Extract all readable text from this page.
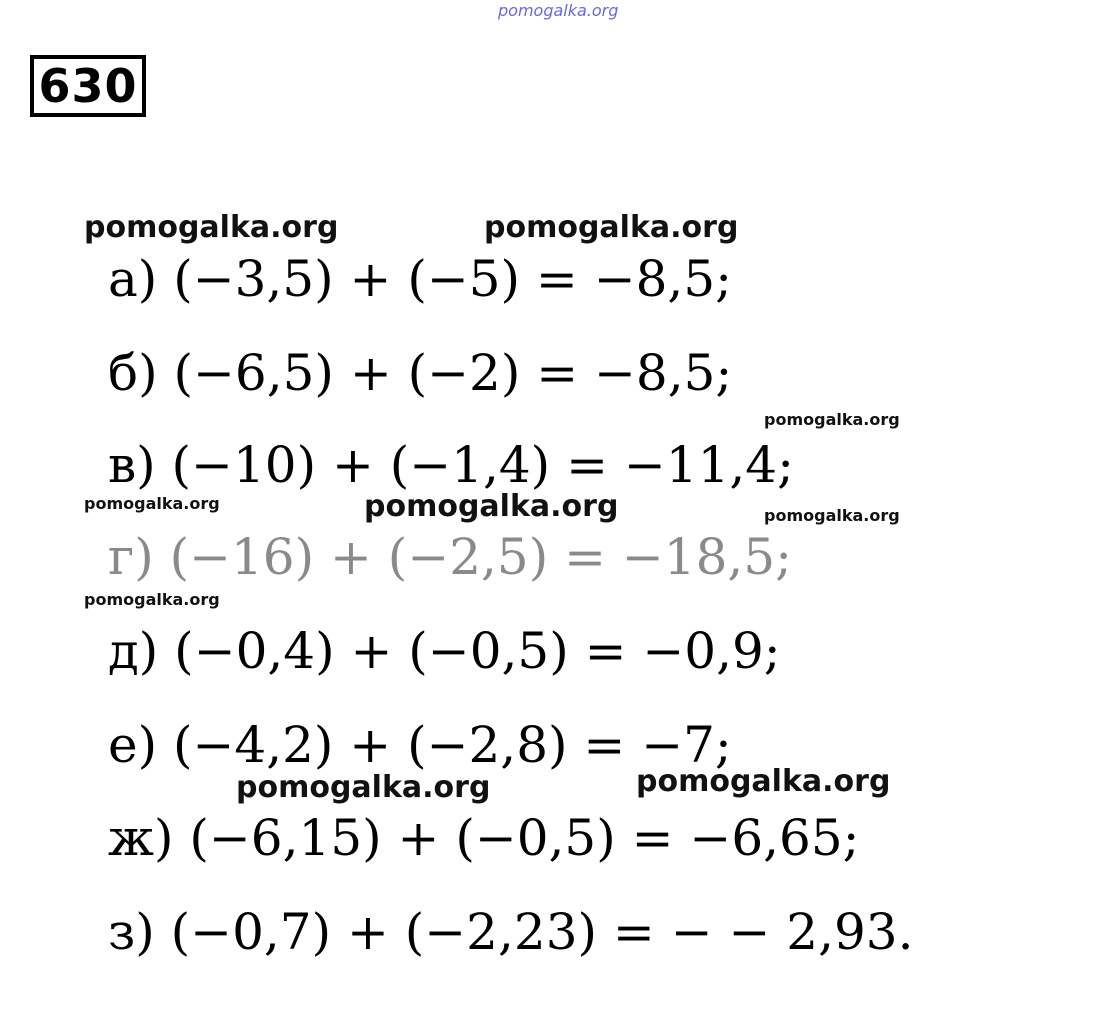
pomogalka.org
630
pomogalka.org	pomogalka.org
а) (−3,5) + (−5) = −8,5;
б) (−6,5) + (−2) = −8,5;
pomogalka.org
в) (−10) + (−1,4) = −11,4;
pomogalka.org	pomogalka.org	pomogalka.org
г) (−16) + (−2,5) = −18,5;
pomogalka.org
д) (−0,4) + (−0,5) = −0,9;
е) (−4,2) + (−2,8) = −7;
pomogalka.org	pomogalka.org
ж) (−6,15) + (−0,5) = −6,65;
з) (−0,7) + (−2,23) = − − 2,93.
